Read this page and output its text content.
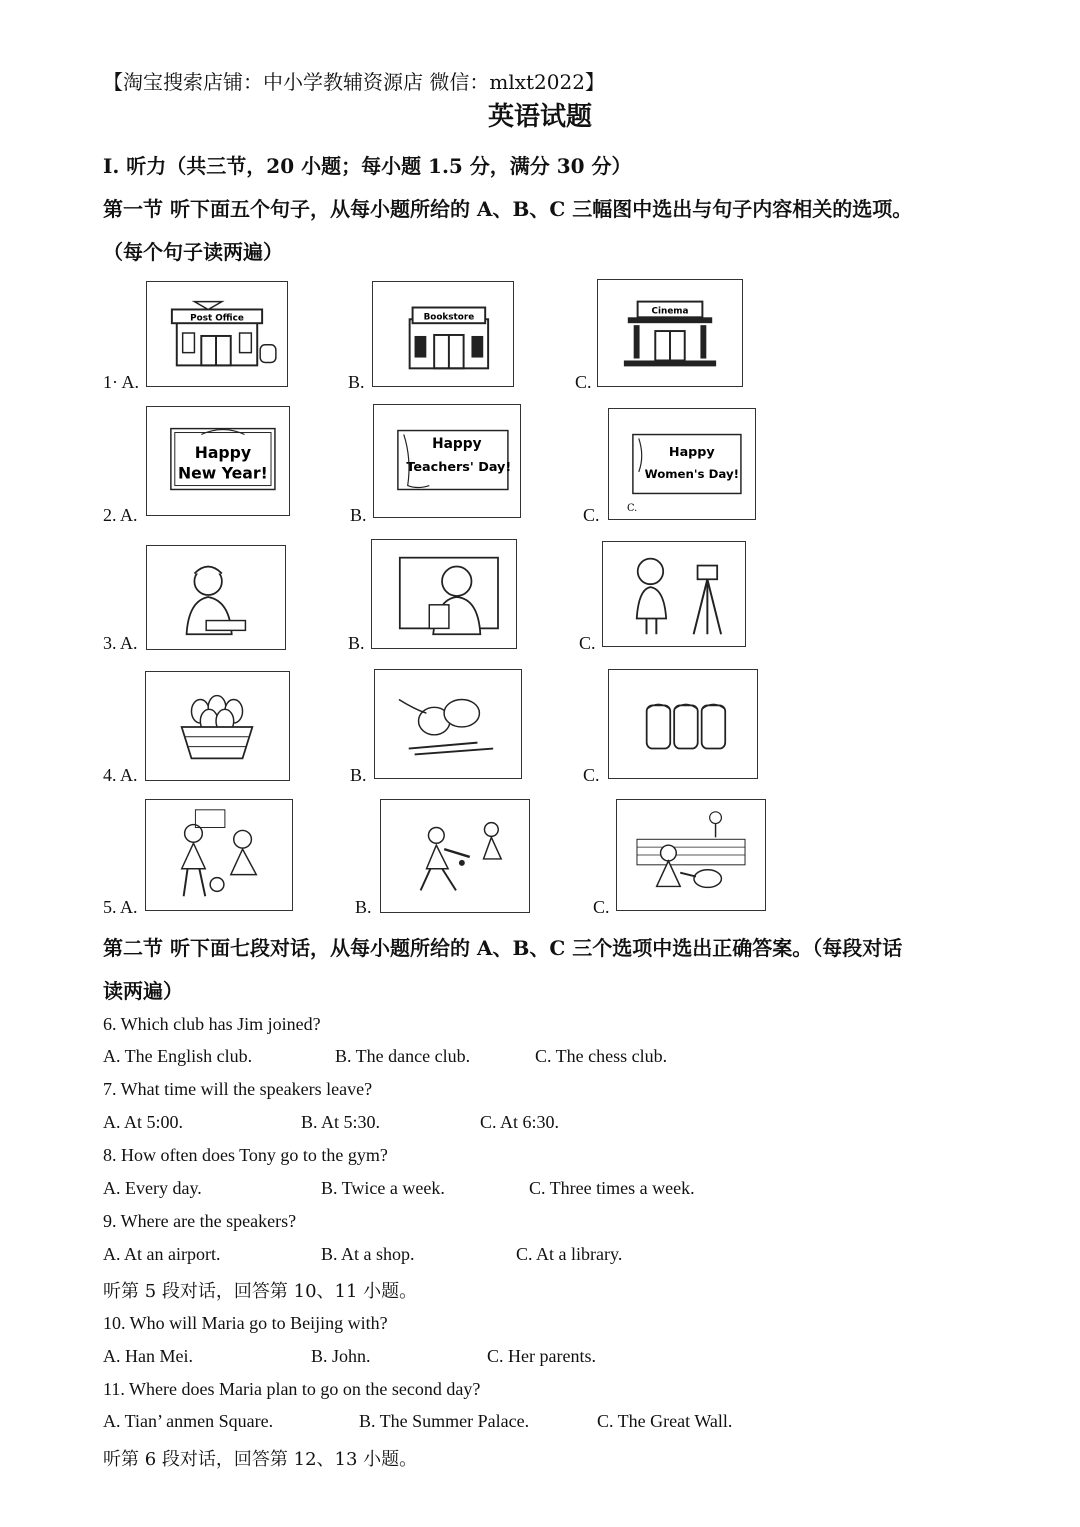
【淘宝搜索店铺：中小学教辅资源店 微信：mlxt2022】
英语试题
Ⅰ. 听力（共三节，20 小题；每小题 1.5 分，满分 30 分）
第一节 听下面五个句子，从每小题所给的 A、B、C 三幅图中选出与句子内容相关的选项。
（每个句子读两遍）
1· A.	B.	C.
Post Office	Bookstore
Cinema
2. A.	B.	C.
Happy
New Year!
Happy
Teachers' Day!
Happy
Women's Day!
C.
3. A.	B.	C.
4. A.	B.	C.
5. A.	B.	C.
第二节 听下面七段对话，从每小题所给的 A、B、C 三个选项中选出正确答案。（每段对话
读两遍）
6. Which club has Jim joined?
A. The English club.	B. The dance club.	C. The chess club.
7. What time will the speakers leave?
A. At 5:00.	B. At 5:30.	C. At 6:30.
8. How often does Tony go to the gym?
A. Every day.	B. Twice a week.	C. Three times a week.
9. Where are the speakers?
A. At an airport.	B. At a shop.	C. At a library.
听第 5 段对话，回答第 10、11 小题。
10. Who will Maria go to Beijing with?
A. Han Mei.	B. John.	C. Her parents.
11. Where does Maria plan to go on the second day?
A. Tian’ anmen Square.	B. The Summer Palace.	C. The Great Wall.
听第 6 段对话，回答第 12、13 小题。
